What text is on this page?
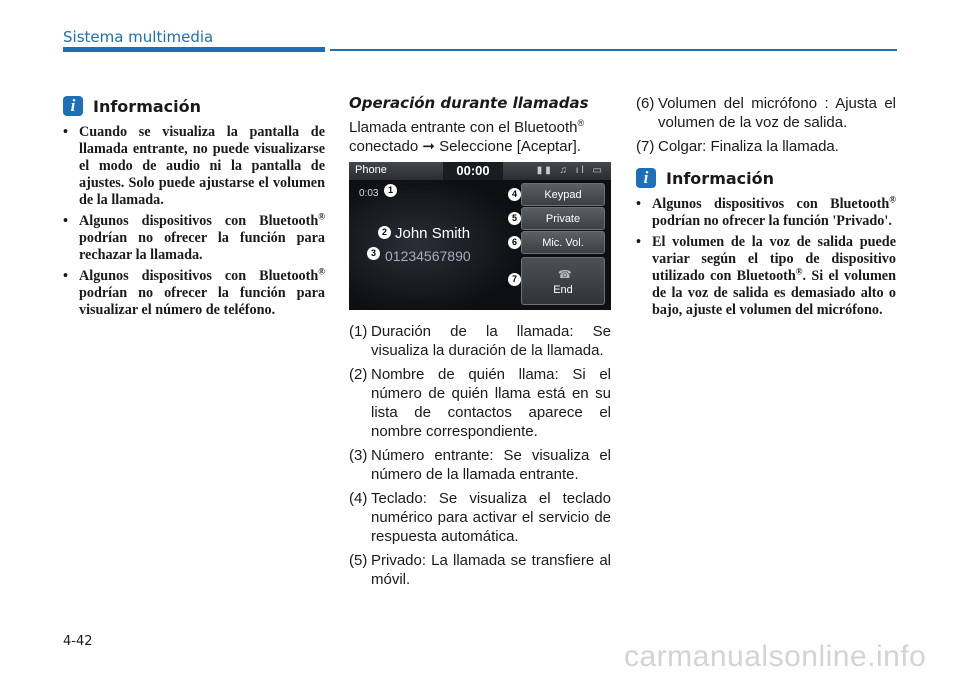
Sistema multimedia
i	Información
• Cuando se visualiza la pantalla de llamada entrante, no puede visualizarse el modo de audio ni la pantalla de ajustes. Solo puede ajustarse el volumen de la llamada.
• Algunos dispositivos con Bluetooth® podrían no ofrecer la función para rechazar la llamada.
• Algunos dispositivos con Bluetooth® podrían no ofrecer la función para visualizar el número de teléfono.
Operación durante llamadas

Llamada entrante con el Bluetooth®
conectado ➞ Seleccione [Aceptar].

Phone	▮▮ ♫ ıl ▭
00:00
0:03
John Smith
01234567890
Keypad
Private
Mic. Vol.
☎
End
1
2
3
4
5
6
7
(1) Duración de la llamada: Se visualiza la duración de la llamada.
(2) Nombre de quién llama: Si el número de quién llama está en su lista de contactos aparece el nombre correspondiente.
(3) Número entrante: Se visualiza el número de la llamada entrante.
(4) Teclado: Se visualiza el teclado numérico para activar el servicio de respuesta automática.
(5) Privado: La llamada se transfiere al móvil.
(6) Volumen del micrófono : Ajusta el volumen de la voz de salida.
(7) Colgar: Finaliza la llamada.
i	Información
• Algunos dispositivos con Bluetooth® podrían no ofrecer la función 'Privado'.
• El volumen de la voz de salida puede variar según el tipo de dispositivo utilizado con Bluetooth®. Si el volumen de la voz de salida es demasiado alto o bajo, ajuste el volumen del micrófono.
4-42	carmanualsonline.info
